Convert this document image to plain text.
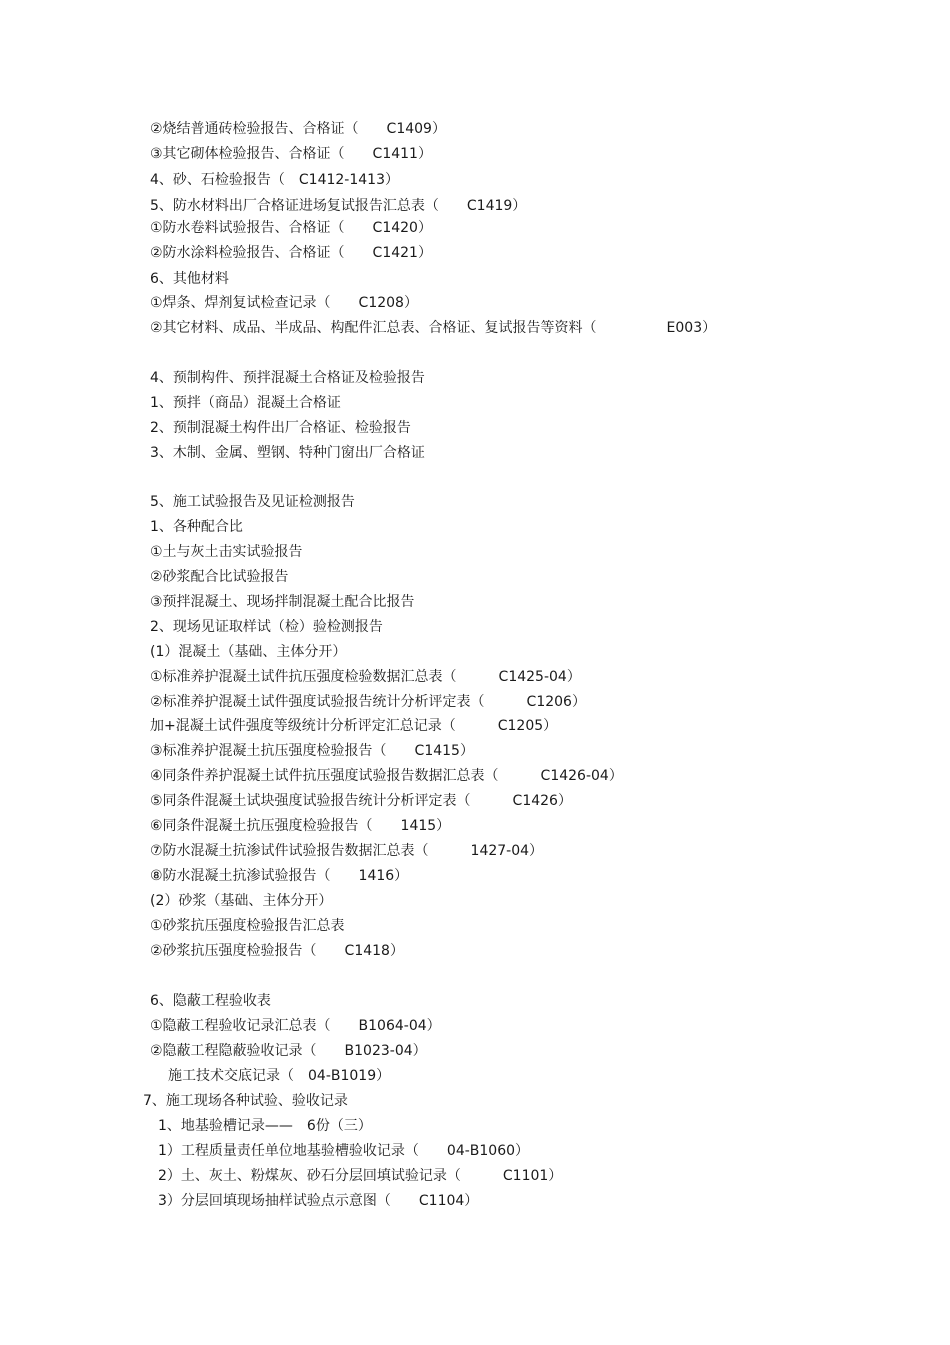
②烧结普通砖检验报告、合格证（　　C1409）
③其它砌体检验报告、合格证（　　C1411）
4、砂、石检验报告（　C1412-1413）
5、防水材料出厂合格证进场复试报告汇总表（　　C1419）
①防水卷料试验报告、合格证（　　C1420）
②防水涂料检验报告、合格证（　　C1421）
6、其他材料
①焊条、焊剂复试检查记录（　　C1208）
②其它材料、成品、半成品、构配件汇总表、合格证、复试报告等资料（　　　　　E003）
4、预制构件、预拌混凝土合格证及检验报告
1、预拌（商品）混凝土合格证
2、预制混凝土构件出厂合格证、检验报告
3、木制、金属、塑钢、特种门窗出厂合格证
5、施工试验报告及见证检测报告
1、各种配合比
①土与灰土击实试验报告
②砂浆配合比试验报告
③预拌混凝土、现场拌制混凝土配合比报告
2、现场见证取样试（检）验检测报告
(1）混凝土（基础、主体分开）
①标准养护混凝土试件抗压强度检验数据汇总表（　　　C1425-04）
②标准养护混凝土试件强度试验报告统计分析评定表（　　　C1206）
加+混凝土试件强度等级统计分析评定汇总记录（　　　C1205）
③标准养护混凝土抗压强度检验报告（　　C1415）
④同条件养护混凝土试件抗压强度试验报告数据汇总表（　　　C1426-04）
⑤同条件混凝土试块强度试验报告统计分析评定表（　　　C1426）
⑥同条件混凝土抗压强度检验报告（　　1415）
⑦防水混凝土抗渗试件试验报告数据汇总表（　　　1427-04）
⑧防水混凝土抗渗试验报告（　　1416）
(2）砂浆（基础、主体分开）
①砂浆抗压强度检验报告汇总表
②砂浆抗压强度检验报告（　　C1418）
6、隐蔽工程验收表
①隐蔽工程验收记录汇总表（　　B1064-04）
②隐蔽工程隐蔽验收记录（　　B1023-04）
施工技术交底记录（　04-B1019）
7、施工现场各种试验、验收记录
1、地基验槽记录——　6份（三）
1）工程质量责任单位地基验槽验收记录（　　04-B1060）
2）土、灰土、粉煤灰、砂石分层回填试验记录（　　　C1101）
3）分层回填现场抽样试验点示意图（　　C1104）
